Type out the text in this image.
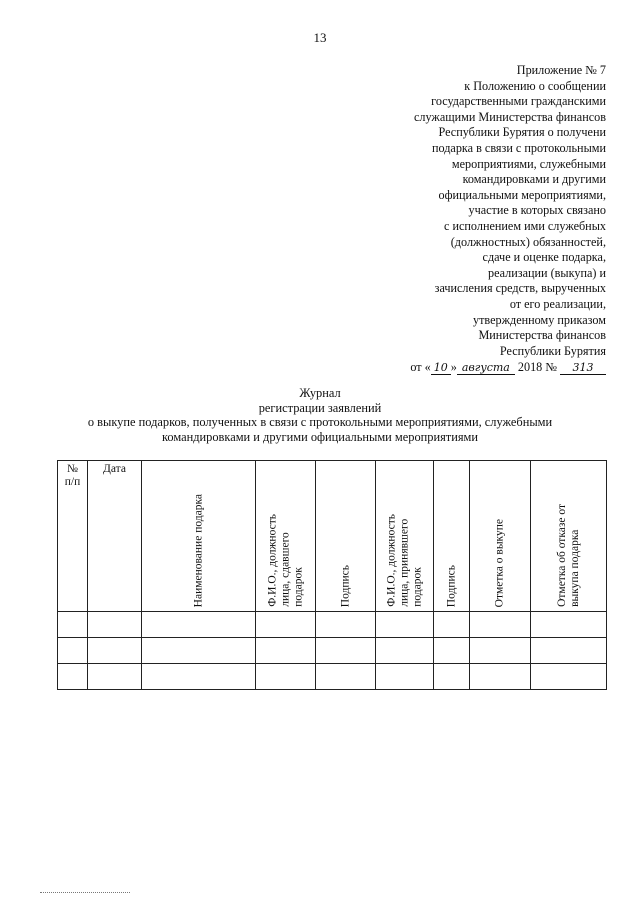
13
Приложение № 7
к Положению о сообщении
государственными гражданскими
служащими Министерства финансов
Республики Бурятия о получени
подарка в связи с протокольными
мероприятиями, служебными
командировками и другими
официальными мероприятиями,
участие в которых связано
с исполнением ими служебных
(должностных) обязанностей,
сдаче и оценке подарка,
реализации (выкупа) и
зачисления средств, вырученных
от его реализации,
утвержденному приказом
Министерства финансов
Республики Бурятия
от « 10 » августа 2018 № 313
Журнал
регистрации заявлений
о выкупе подарков, полученных в связи с протокольными мероприятиями, служебными
командировками и другими официальными мероприятиями
№
п/п	Дата	Наименование подарка	Ф.И.О., должность
лица, сдавшего
подарок	Подпись	Ф.И.О., должность
лица, принявшего
подарок	Подпись	Отметка о выкупе	Отметка об отказе от
выкупа подарка
